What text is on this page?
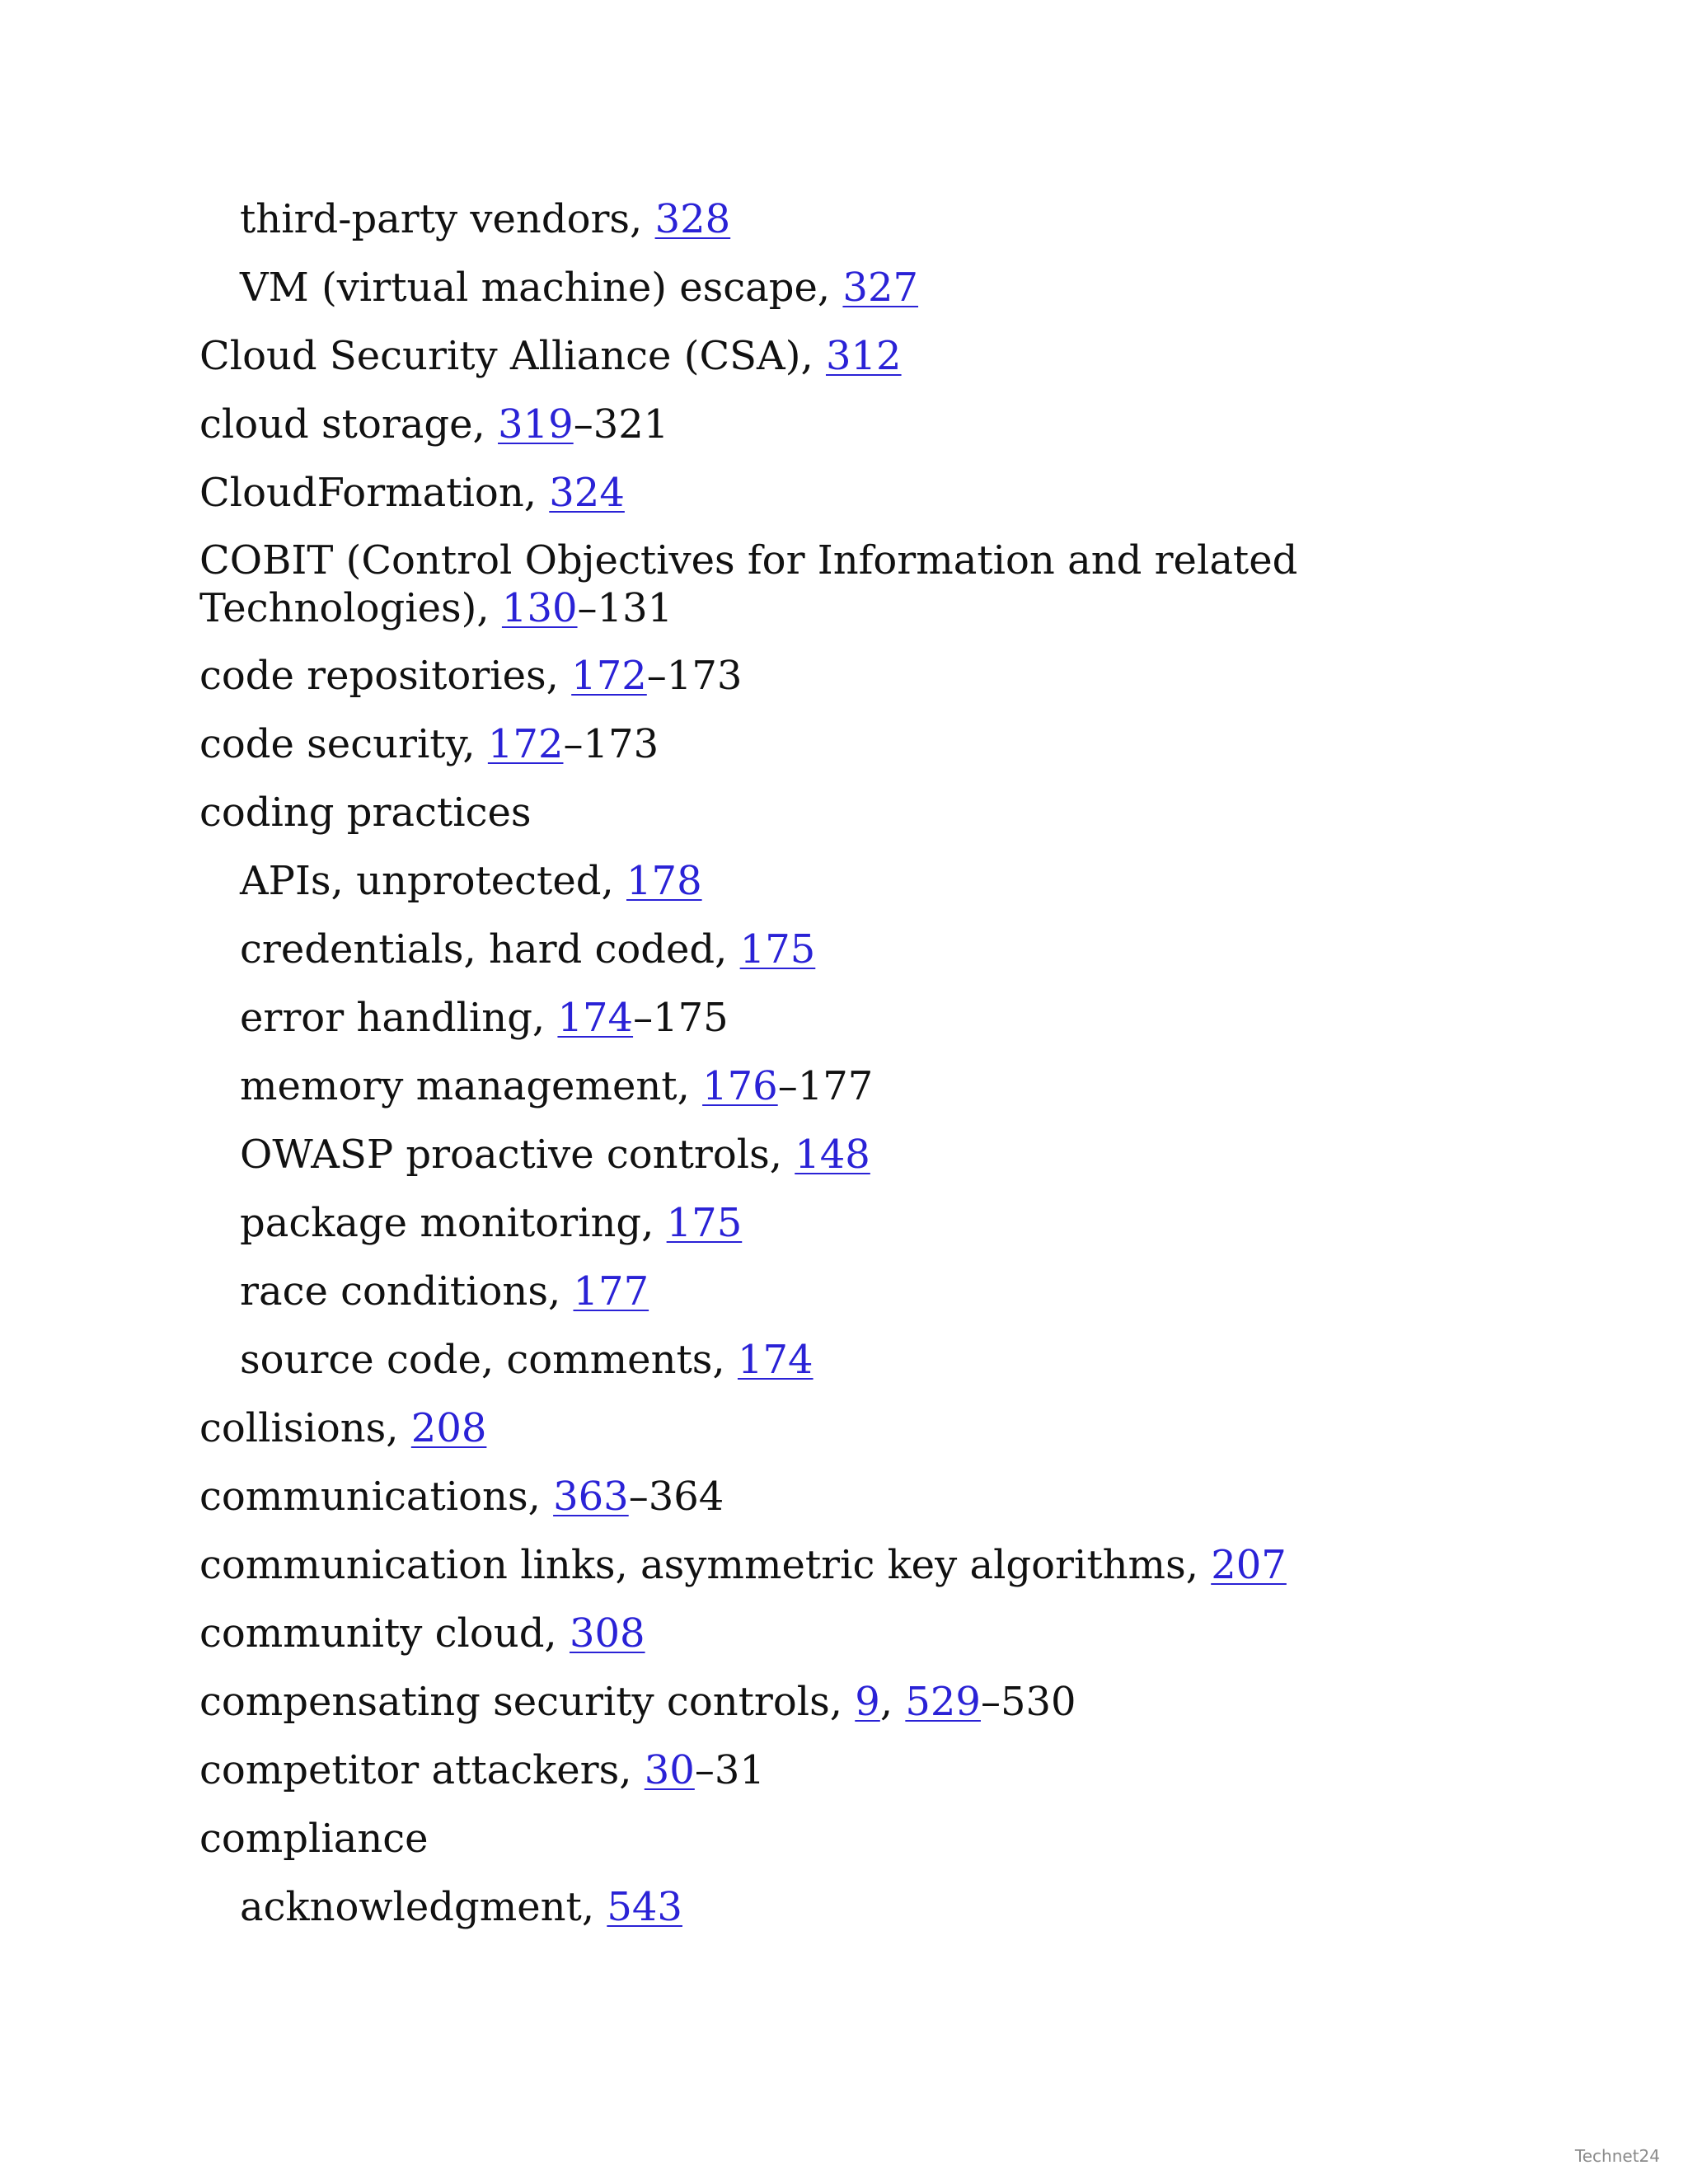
third-party vendors, 328
VM (virtual machine) escape, 327
Cloud Security Alliance (CSA), 312
cloud storage, 319–321
CloudFormation, 324
COBIT (Control Objectives for Information and related Technologies), 130–131
code repositories, 172–173
code security, 172–173
coding practices
APIs, unprotected, 178
credentials, hard coded, 175
error handling, 174–175
memory management, 176–177
OWASP proactive controls, 148
package monitoring, 175
race conditions, 177
source code, comments, 174
collisions, 208
communications, 363–364
communication links, asymmetric key algorithms, 207
community cloud, 308
compensating security controls, 9, 529–530
competitor attackers, 30–31
compliance
acknowledgment, 543
Technet24
